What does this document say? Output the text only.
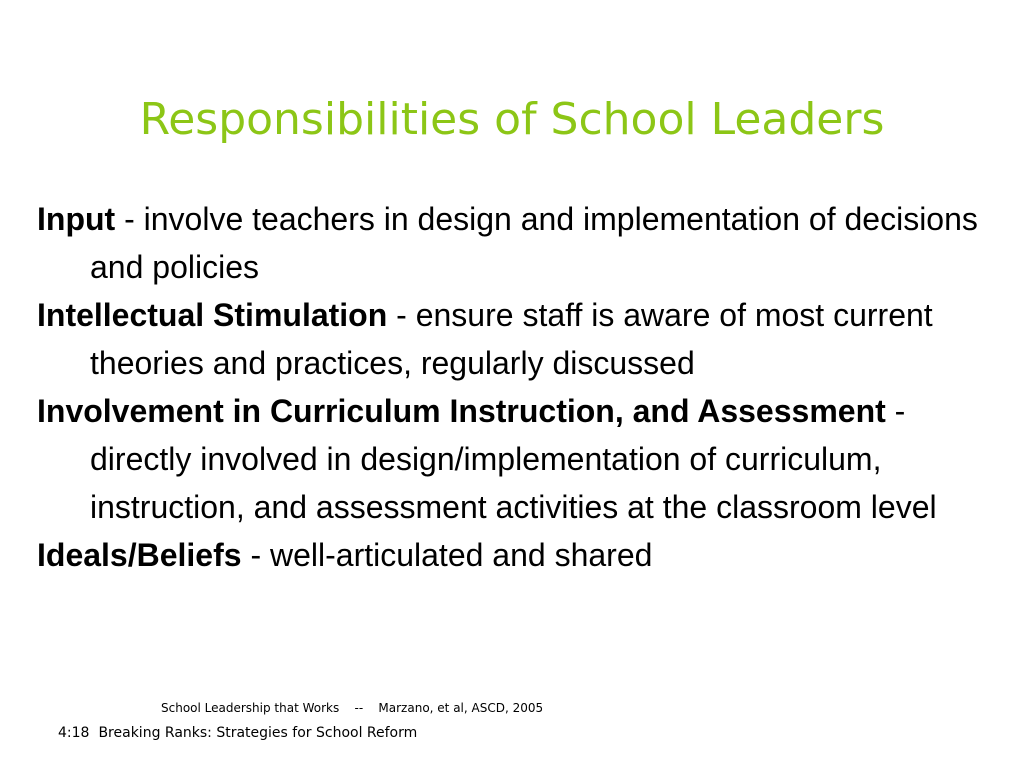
Responsibilities of School Leaders
Input - involve teachers in design and implementation of decisions and policies
Intellectual Stimulation - ensure staff is aware of most current theories and practices, regularly discussed
Involvement in Curriculum Instruction, and Assessment - directly involved in design/implementation of curriculum, instruction, and assessment activities at the classroom level
Ideals/Beliefs - well-articulated and shared
School Leadership that Works    --    Marzano, et al, ASCD, 2005
4:18 Breaking Ranks: Strategies for School Reform
